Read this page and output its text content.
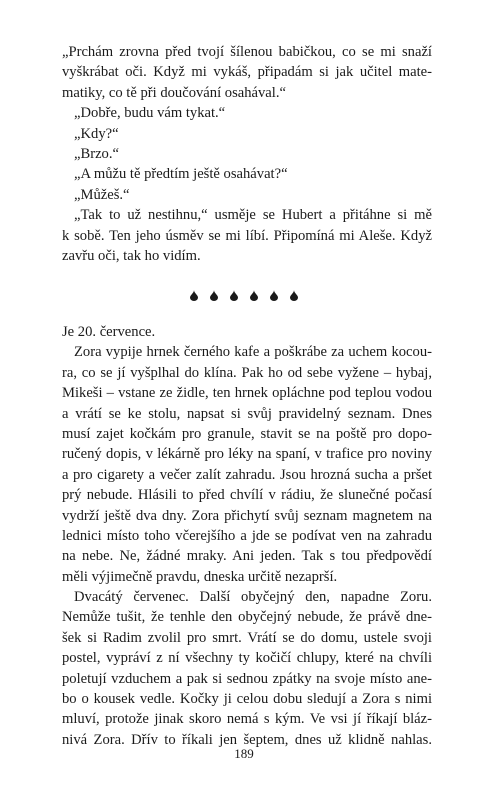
„Prchám zrovna před tvojí šílenou babičkou, co se mi snaží
vyškrábat oči. Když mi vykáš, připadám si jak učitel mate-
matiky, co tě při doučování osahával.“
„Dobře, budu vám tykat.“
„Kdy?“
„Brzo.“
„A můžu tě předtím ještě osahávat?“
„Můžeš.“
„Tak to už nestihnu,“ usměje se Hubert a přitáhne si mě
k sobě. Ten jeho úsměv se mi líbí. Připomíná mi Aleše. Když
zavřu oči, tak ho vidím.
Je 20. července.
Zora vypije hrnek černého kafe a poškrábe za uchem kocou-
ra, co se jí vyšplhal do klína. Pak ho od sebe vyžene – hybaj,
Mikeši – vstane ze židle, ten hrnek opláchne pod teplou vodou
a vrátí se ke stolu, napsat si svůj pravidelný seznam. Dnes
musí zajet kočkám pro granule, stavit se na poště pro dopo-
ručený dopis, v lékárně pro léky na spaní, v trafice pro noviny
a pro cigarety a večer zalít zahradu. Jsou hrozná sucha a pršet
prý nebude. Hlásili to před chvílí v rádiu, že slunečné počasí
vydrží ještě dva dny. Zora přichytí svůj seznam magnetem na
lednici místo toho včerejšího a jde se podívat ven na zahradu
na nebe. Ne, žádné mraky. Ani jeden. Tak s tou předpovědí
měli výjimečně pravdu, dneska určitě nezaprší.
Dvacátý červenec. Další obyčejný den, napadne Zoru.
Nemůže tušit, že tenhle den obyčejný nebude, že právě dne-
šek si Radim zvolil pro smrt. Vrátí se do domu, ustele svoji
postel, vypráví z ní všechny ty kočičí chlupy, které na chvíli
poletují vzduchem a pak si sednou zpátky na svoje místo ane-
bo o kousek vedle. Kočky ji celou dobu sledují a Zora s nimi
mluví, protože jinak skoro nemá s kým. Ve vsi jí říkají bláz-
nivá Zora. Dřív to říkali jen šeptem, dnes už klidně nahlas.
189
